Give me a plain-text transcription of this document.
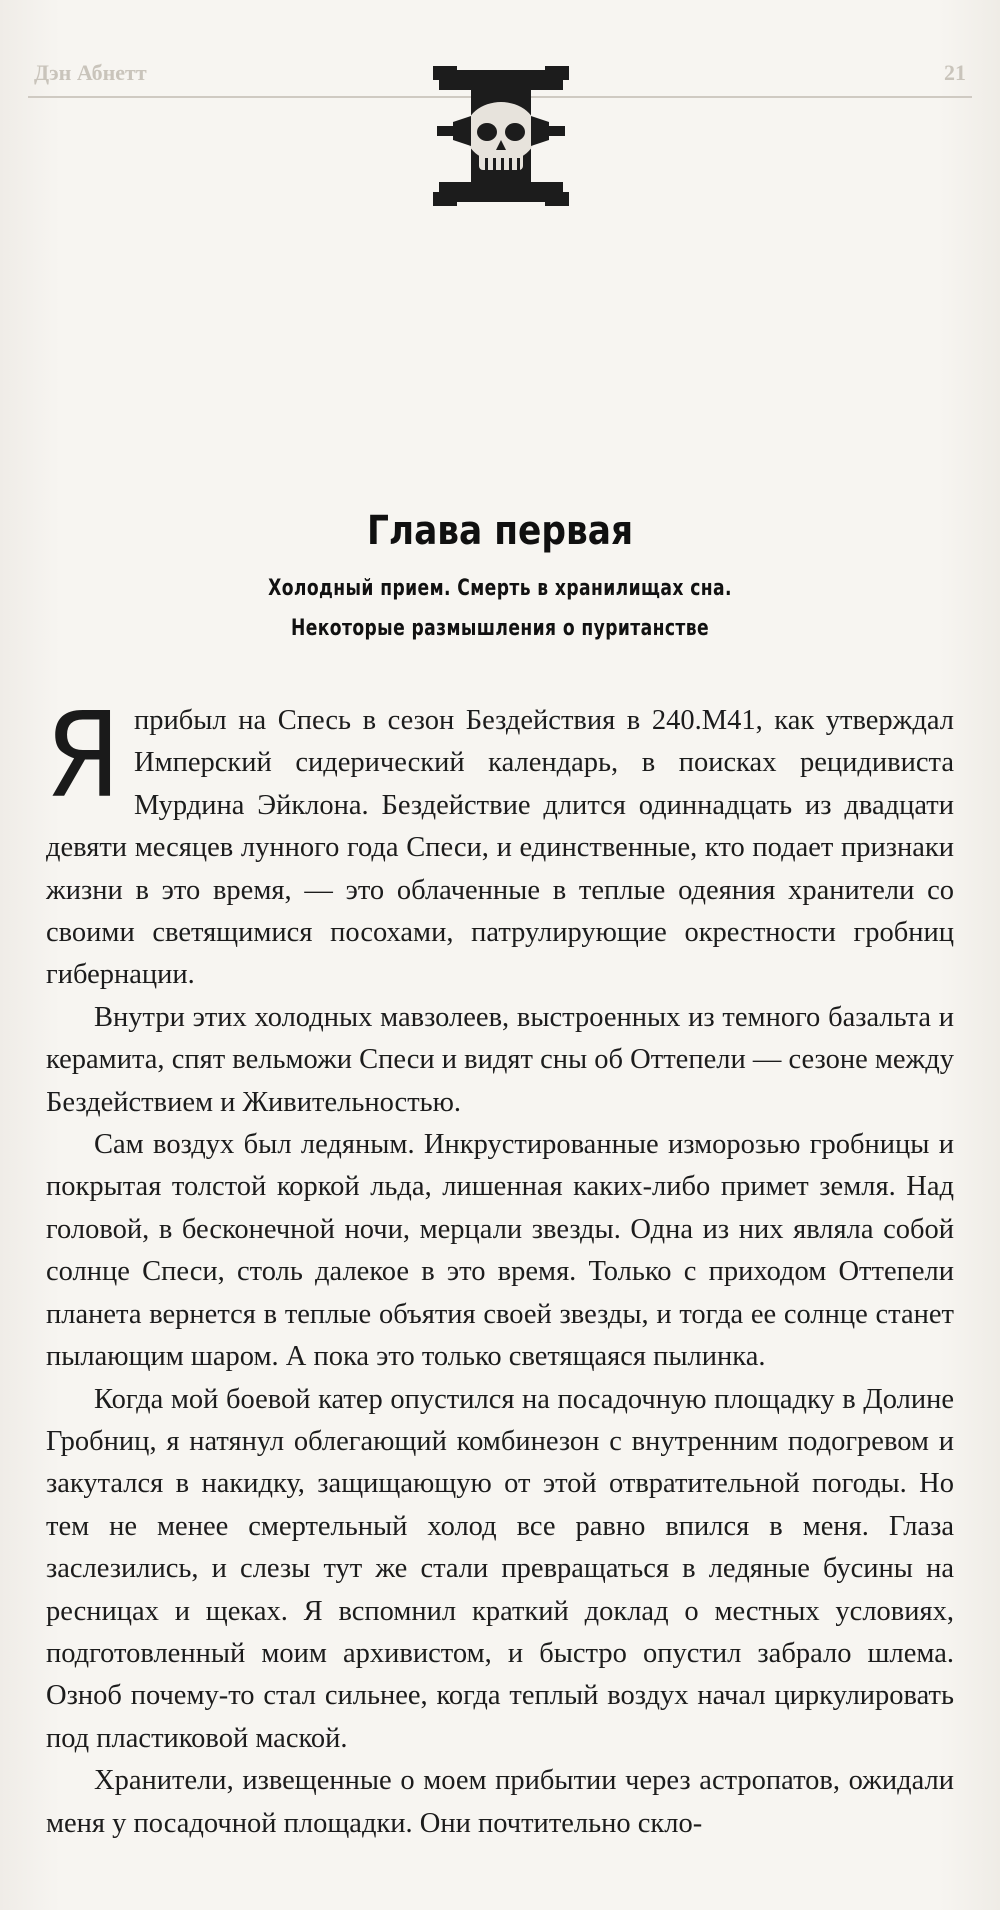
Дэн Абнетт	21

Глава первая
Холодный прием. Смерть в хранилищах сна.
Некоторые размышления о пуританстве

Яприбыл на Спесь в сезон Бездействия в 240.M41, как утверждал Имперский сидерический календарь, в поисках рецидивиста Мурдина Эйклона. Бездействие длится одиннадцать из двадцати девяти месяцев лунного года Спеси, и единственные, кто подает признаки жизни в это время, — это облаченные в теплые одеяния хранители со своими светящимися посохами, патрулирующие окрестности гробниц гибернации.

Внутри этих холодных мавзолеев, выстроенных из темного базальта и керамита, спят вельможи Спеси и видят сны об Оттепели — сезоне между Бездействием и Живительностью.

Сам воздух был ледяным. Инкрустированные изморозью гробницы и покрытая толстой коркой льда, лишенная каких-либо примет земля. Над головой, в бесконечной ночи, мерцали звезды. Одна из них являла собой солнце Спеси, столь далекое в это время. Только с приходом Оттепели планета вернется в теплые объятия своей звезды, и тогда ее солнце станет пылающим шаром. А пока это только светящаяся пылинка.

Когда мой боевой катер опустился на посадочную площадку в Долине Гробниц, я натянул облегающий комбинезон с внутренним подогревом и закутался в накидку, защищающую от этой отвратительной погоды. Но тем не менее смертельный холод все равно впился в меня. Глаза заслезились, и слезы тут же стали превращаться в ледяные бусины на ресницах и щеках. Я вспомнил краткий доклад о местных условиях, подготовленный моим архивистом, и быстро опустил забрало шлема. Озноб почему-то стал сильнее, когда теплый воздух начал циркулировать под пластиковой маской.

Хранители, извещенные о моем прибытии через астропатов, ожидали меня у посадочной площадки. Они почтительно скло-
